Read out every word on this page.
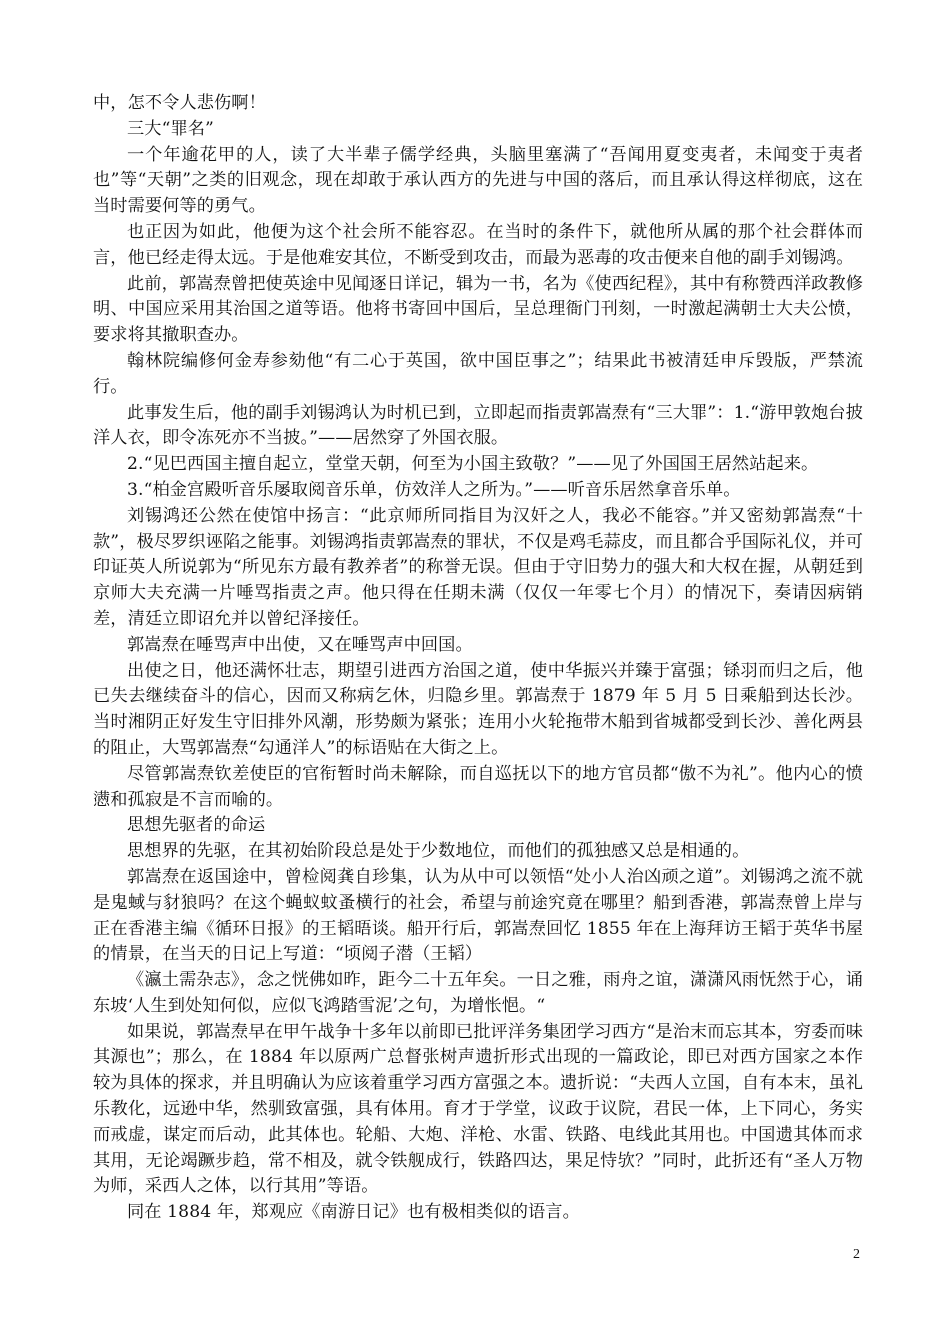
中，怎不令人悲伤啊！

三大“罪名”

一个年逾花甲的人，读了大半辈子儒学经典，头脑里塞满了“吾闻用夏变夷者，未闻变于夷者也”等“天朝”之类的旧观念，现在却敢于承认西方的先进与中国的落后，而且承认得这样彻底，这在当时需要何等的勇气。

也正因为如此，他便为这个社会所不能容忍。在当时的条件下，就他所从属的那个社会群体而言，他已经走得太远。于是他难安其位，不断受到攻击，而最为恶毒的攻击便来自他的副手刘锡鸿。

此前，郭嵩焘曾把使英途中见闻逐日详记，辑为一书，名为《使西纪程》，其中有称赞西洋政教修明、中国应采用其治国之道等语。他将书寄回中国后，呈总理衙门刊刻，一时激起满朝士大夫公愤，要求将其撤职查办。

翰林院编修何金寿参劾他“有二心于英国，欲中国臣事之”；结果此书被清廷申斥毁版，严禁流行。

此事发生后，他的副手刘锡鸿认为时机已到，立即起而指责郭嵩焘有“三大罪”：1.“游甲敦炮台披洋人衣，即令冻死亦不当披。”——居然穿了外国衣服。

2.“见巴西国主擅自起立，堂堂天朝，何至为小国主致敬？”——见了外国国王居然站起来。

3.“柏金宫殿听音乐屡取阅音乐单，仿效洋人之所为。”——听音乐居然拿音乐单。

刘锡鸿还公然在使馆中扬言：“此京师所同指目为汉奸之人，我必不能容。”并又密劾郭嵩焘“十款”，极尽罗织诬陷之能事。刘锡鸿指责郭嵩焘的罪状，不仅是鸡毛蒜皮，而且都合乎国际礼仪，并可印证英人所说郭为“所见东方最有教养者”的称誉无误。但由于守旧势力的强大和大权在握，从朝廷到京师大夫充满一片唾骂指责之声。他只得在任期未满（仅仅一年零七个月）的情况下，奏请因病销差，清廷立即诏允并以曾纪泽接任。

郭嵩焘在唾骂声中出使，又在唾骂声中回国。

出使之日，他还满怀壮志，期望引进西方治国之道，使中华振兴并臻于富强；铩羽而归之后，他已失去继续奋斗的信心，因而又称病乞休，归隐乡里。郭嵩焘于 1879 年 5 月 5 日乘船到达长沙。当时湘阴正好发生守旧排外风潮，形势颇为紧张；连用小火轮拖带木船到省城都受到长沙、善化两县的阻止，大骂郭嵩焘“勾通洋人”的标语贴在大街之上。

尽管郭嵩焘钦差使臣的官衔暂时尚未解除，而自巡抚以下的地方官员都“傲不为礼”。他内心的愤懑和孤寂是不言而喻的。

思想先驱者的命运

思想界的先驱，在其初始阶段总是处于少数地位，而他们的孤独感又总是相通的。

郭嵩焘在返国途中，曾检阅龚自珍集，认为从中可以领悟“处小人治凶顽之道”。刘锡鸿之流不就是鬼蜮与豺狼吗？在这个蝇蚁蚊蚤横行的社会，希望与前途究竟在哪里？船到香港，郭嵩焘曾上岸与正在香港主编《循环日报》的王韬晤谈。船开行后，郭嵩焘回忆 1855 年在上海拜访王韬于英华书屋的情景，在当天的日记上写道：“顷阅子潜（王韬）

《瀛土需杂志》，念之恍佛如昨，距今二十五年矣。一日之雅，雨舟之谊，潇潇风雨怃然于心，诵东坡‘人生到处知何似，应似飞鸿踏雪泥’之句，为增怅悒。“

如果说，郭嵩焘早在甲午战争十多年以前即已批评洋务集团学习西方“是治末而忘其本，穷委而味其源也”；那么，在 1884 年以原两广总督张树声遗折形式出现的一篇政论，即已对西方国家之本作较为具体的探求，并且明确认为应该着重学习西方富强之本。遗折说：“夫西人立国，自有本末，虽礼乐教化，远逊中华，然驯致富强，具有体用。育才于学堂，议政于议院，君民一体，上下同心，务实而戒虚，谋定而后动，此其体也。轮船、大炮、洋枪、水雷、铁路、电线此其用也。中国遗其体而求其用，无论竭蹶步趋，常不相及，就令铁舰成行，铁路四达，果足恃欤？”同时，此折还有“圣人万物为师，采西人之体，以行其用”等语。

同在 1884 年，郑观应《南游日记》也有极相类似的语言。

2
